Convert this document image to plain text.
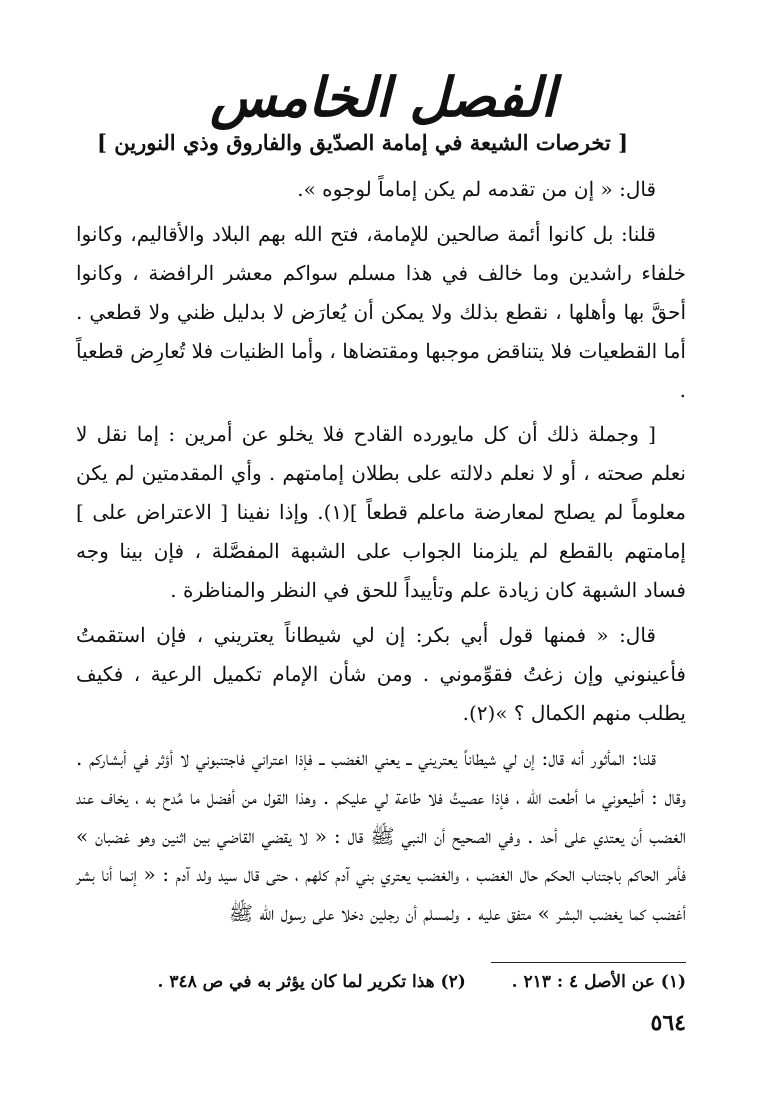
الفصل الخامس
[ تخرصات الشيعة في إمامة الصدّيق والفاروق وذي النورين ]

قال: « إن من تقدمه لم يكن إماماً لوجوه ».

قلنا: بل كانوا أئمة صالحين للإمامة، فتح الله بهم البلاد والأقاليم، وكانوا خلفاء راشدين وما خالف في هذا مسلم سواكم معشر الرافضة ، وكانوا أحقَّ بها وأهلها ، نقطع بذلك ولا يمكن أن يُعارَض لا بدليل ظني ولا قطعي . أما القطعيات فلا يتناقض موجبها ومقتضاها ، وأما الظنيات فلا تُعارِض قطعياً .

[ وجملة ذلك أن كل مايورده القادح فلا يخلو عن أمرين : إما نقل لا نعلم صحته ، أو لا نعلم دلالته على بطلان إمامتهم . وأي المقدمتين لم يكن معلوماً لم يصلح لمعارضة ماعلم قطعاً ](١). وإذا نفينا [ الاعتراض على ] إمامتهم بالقطع لم يلزمنا الجواب على الشبهة المفصَّلة ، فإن بينا وجه فساد الشبهة كان زيادة علم وتأييداً للحق في النظر والمناظرة .

قال: « فمنها قول أبي بكر: إن لي شيطاناً يعتريني ، فإن استقمتُ فأعينوني وإن زغتُ فقوِّموني . ومن شأن الإمام تكميل الرعية ، فكيف يطلب منهم الكمال ؟ »(٢).

قلنا: المأثور أنه قال: إن لي شيطاناً يعتريني ــ يعني الغضب ــ فإذا اعتراني فاجتنبوني لا أؤثر في أبشاركم . وقال : أطيعوني ما أطعت الله ، فإذا عصيتُ فلا طاعة لي عليكم . وهذا القول من أفضل ما مُدح به ، يخاف عند الغضب أن يعتدي على أحد . وفي الصحيح أن النبي ﷺ قال : « لا يقضي القاضي بين اثنين وهو غضبان » فأمر الحاكم باجتناب الحكم حال الغضب ، والغضب يعتري بني آدم كلهم ، حتى قال سيد ولد آدم : « إنما أنا بشر أغضب كما يغضب البشر » متفق عليه . ولمسلم أن رجلين دخلا على رسول الله ﷺ

(١) عن الأصل ٤ : ٢١٣ . (٢) هذا تكرير لما كان يؤثر به في ص ٣٤٨ .
٥٦٤
